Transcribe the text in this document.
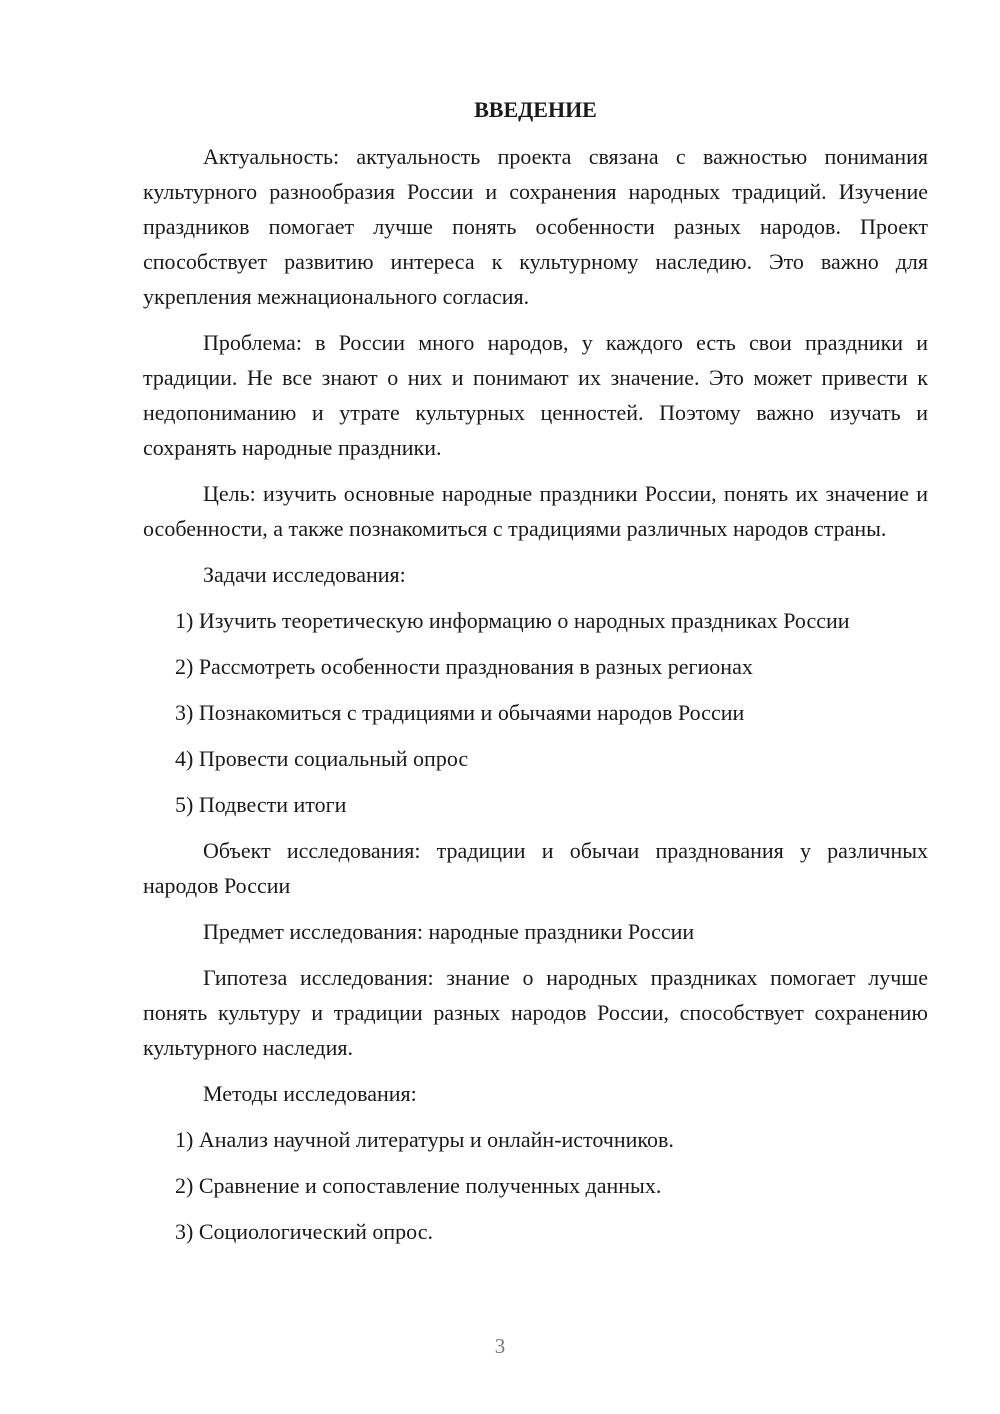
ВВЕДЕНИЕ

Актуальность: актуальность проекта связана с важностью понимания культурного разнообразия России и сохранения народных традиций. Изучение праздников помогает лучше понять особенности разных народов. Проект способствует развитию интереса к культурному наследию. Это важно для укрепления межнационального согласия.

Проблема: в России много народов, у каждого есть свои праздники и традиции. Не все знают о них и понимают их значение. Это может привести к недопониманию и утрате культурных ценностей. Поэтому важно изучать и сохранять народные праздники.

Цель: изучить основные народные праздники России, понять их значение и особенности, а также познакомиться с традициями различных народов страны.

Задачи исследования:

1) Изучить теоретическую информацию о народных праздниках России

2) Рассмотреть особенности празднования в разных регионах

3) Познакомиться с традициями и обычаями народов России

4) Провести социальный опрос

5) Подвести итоги

Объект исследования: традиции и обычаи празднования у различных народов России

Предмет исследования: народные праздники России

Гипотеза исследования: знание о народных праздниках помогает лучше понять культуру и традиции разных народов России, способствует сохранению культурного наследия.

Методы исследования:

1) Анализ научной литературы и онлайн-источников.

2) Сравнение и сопоставление полученных данных.

3) Социологический опрос.

3
